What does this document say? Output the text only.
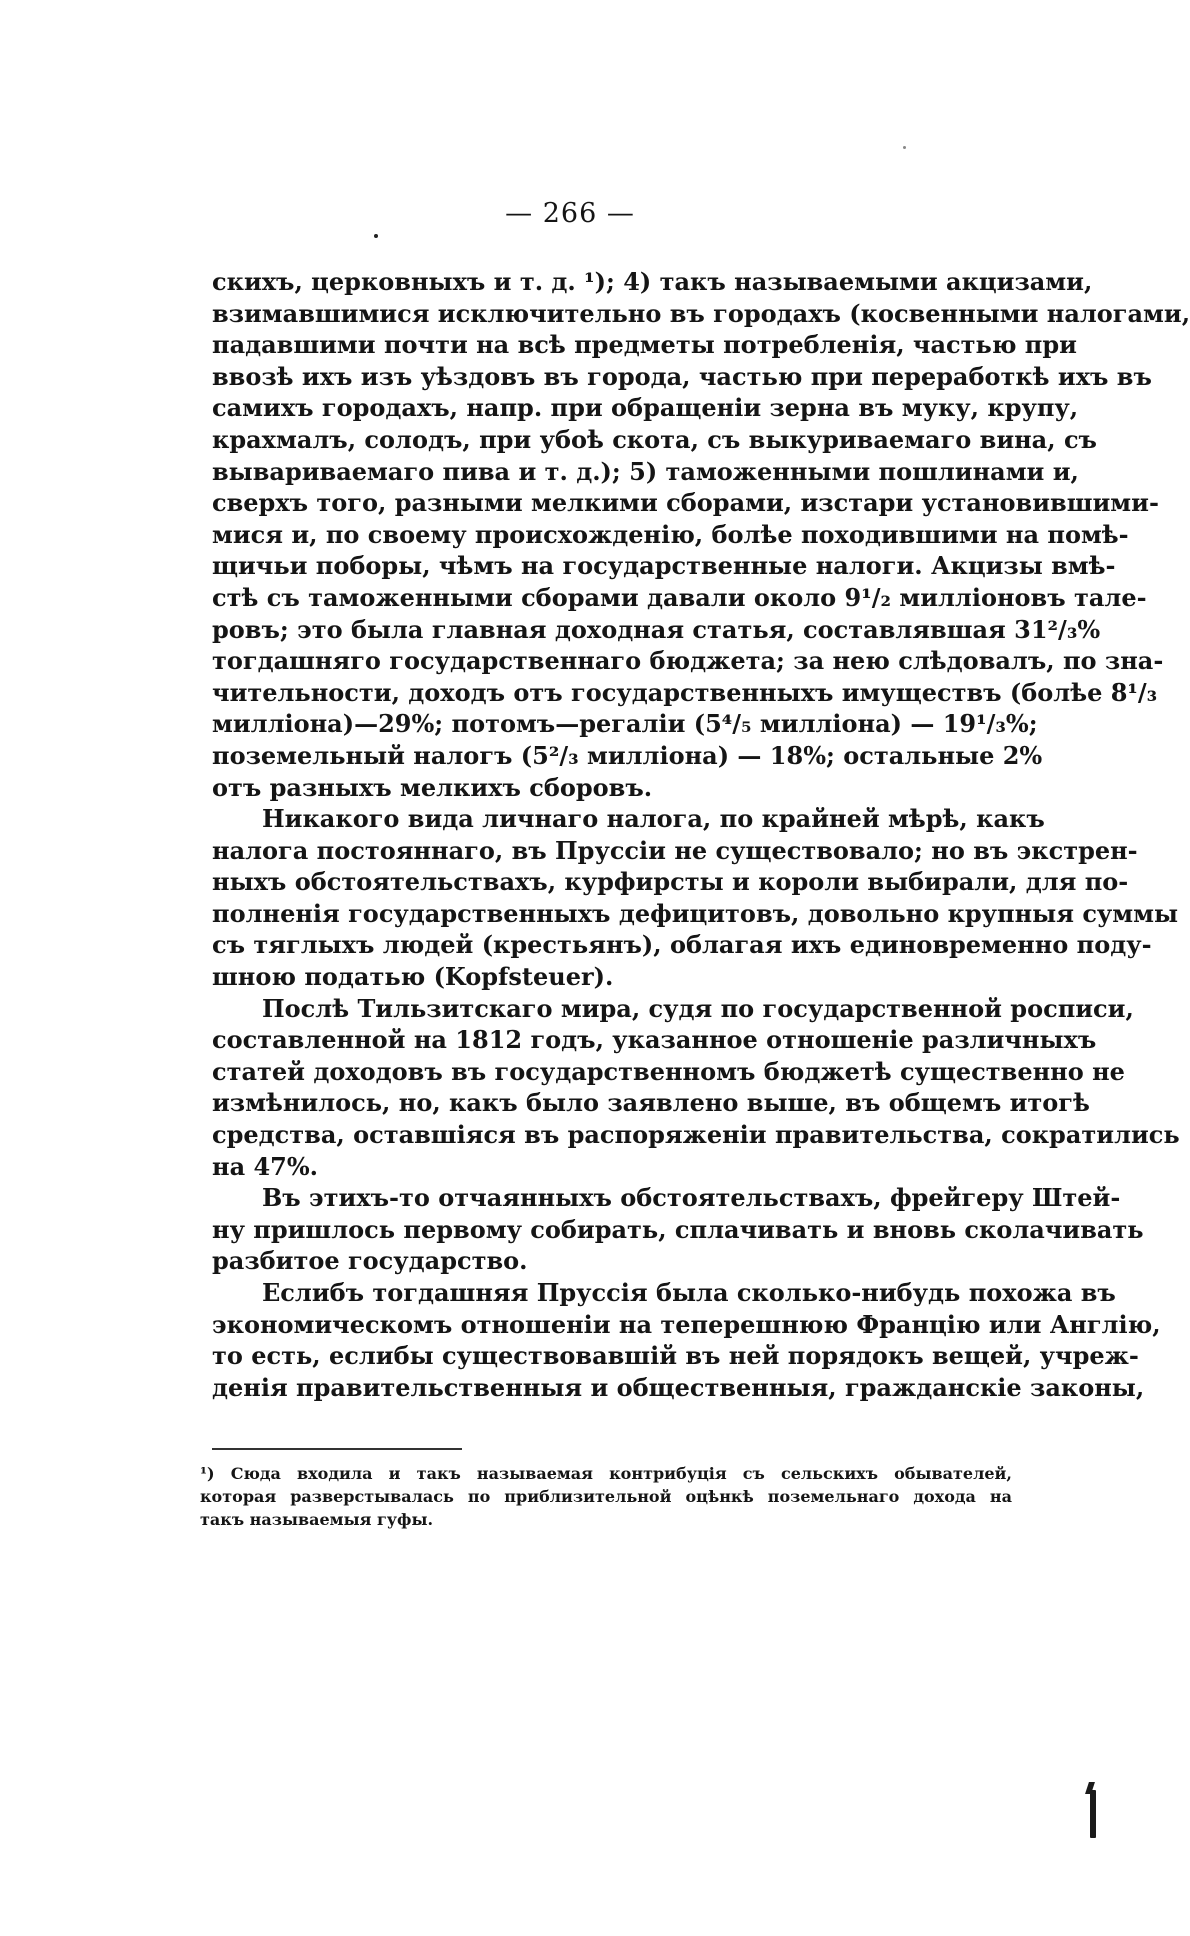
— 266 —
скихъ, церковныхъ и т. д. ¹); 4) такъ называемыми акцизами,
взимавшимися исключительно въ городахъ (косвенными налогами,
падавшими почти на всѣ предметы потребленія, частью при
ввозѣ ихъ изъ уѣздовъ въ города, частью при переработкѣ ихъ въ
самихъ городахъ, напр. при обращеніи зерна въ муку, крупу,
крахмалъ, солодъ, при убоѣ скота, съ выкуриваемаго вина, съ
вывариваемаго пива и т. д.); 5) таможенными пошлинами и,
сверхъ того, разными мелкими сборами, изстари установившими-
мися и, по своему происхожденію, болѣе походившими на помѣ-
щичьи поборы, чѣмъ на государственные налоги. Акцизы вмѣ-
стѣ съ таможенными сборами давали около 9¹/₂ милліоновъ тале-
ровъ; это была главная доходная статья, составлявшая 31²/₃%
тогдашняго государственнаго бюджета; за нею слѣдовалъ, по зна-
чительности, доходъ отъ государственныхъ имуществъ (болѣе 8¹/₃
милліона)—29%; потомъ—регаліи (5⁴/₅ милліона) — 19¹/₃%;
поземельный налогъ (5²/₃ милліона) — 18%; остальные 2%
отъ разныхъ мелкихъ сборовъ.
Никакого вида личнаго налога, по крайней мѣрѣ, какъ
налога постояннаго, въ Пруссіи не существовало; но въ экстрен-
ныхъ обстоятельствахъ, курфирсты и короли выбирали, для по-
полненія государственныхъ дефицитовъ, довольно крупныя суммы
съ тяглыхъ людей (крестьянъ), облагая ихъ единовременно поду-
шною податью (Kopfsteuer).
Послѣ Тильзитскаго мира, судя по государственной росписи,
составленной на 1812 годъ, указанное отношеніе различныхъ
статей доходовъ въ государственномъ бюджетѣ существенно не
измѣнилось, но, какъ было заявлено выше, въ общемъ итогѣ
средства, оставшіяся въ распоряженіи правительства, сократились
на 47%.
Въ этихъ-то отчаянныхъ обстоятельствахъ, фрейгеру Штей-
ну пришлось первому собирать, сплачивать и вновь сколачивать
разбитое государство.
Еслибъ тогдашняя Пруссія была сколько-нибудь похожа въ
экономическомъ отношеніи на теперешнюю Францію или Англію,
то есть, еслибы существовавшій въ ней порядокъ вещей, учреж-
денія правительственныя и общественныя, гражданскіе законы,
¹) Сюда входила и такъ называемая контрибуція съ сельскихъ обывателей,
которая разверстывалась по приблизительной оцѣнкѣ поземельнаго дохода на
такъ называемыя гуфы.
